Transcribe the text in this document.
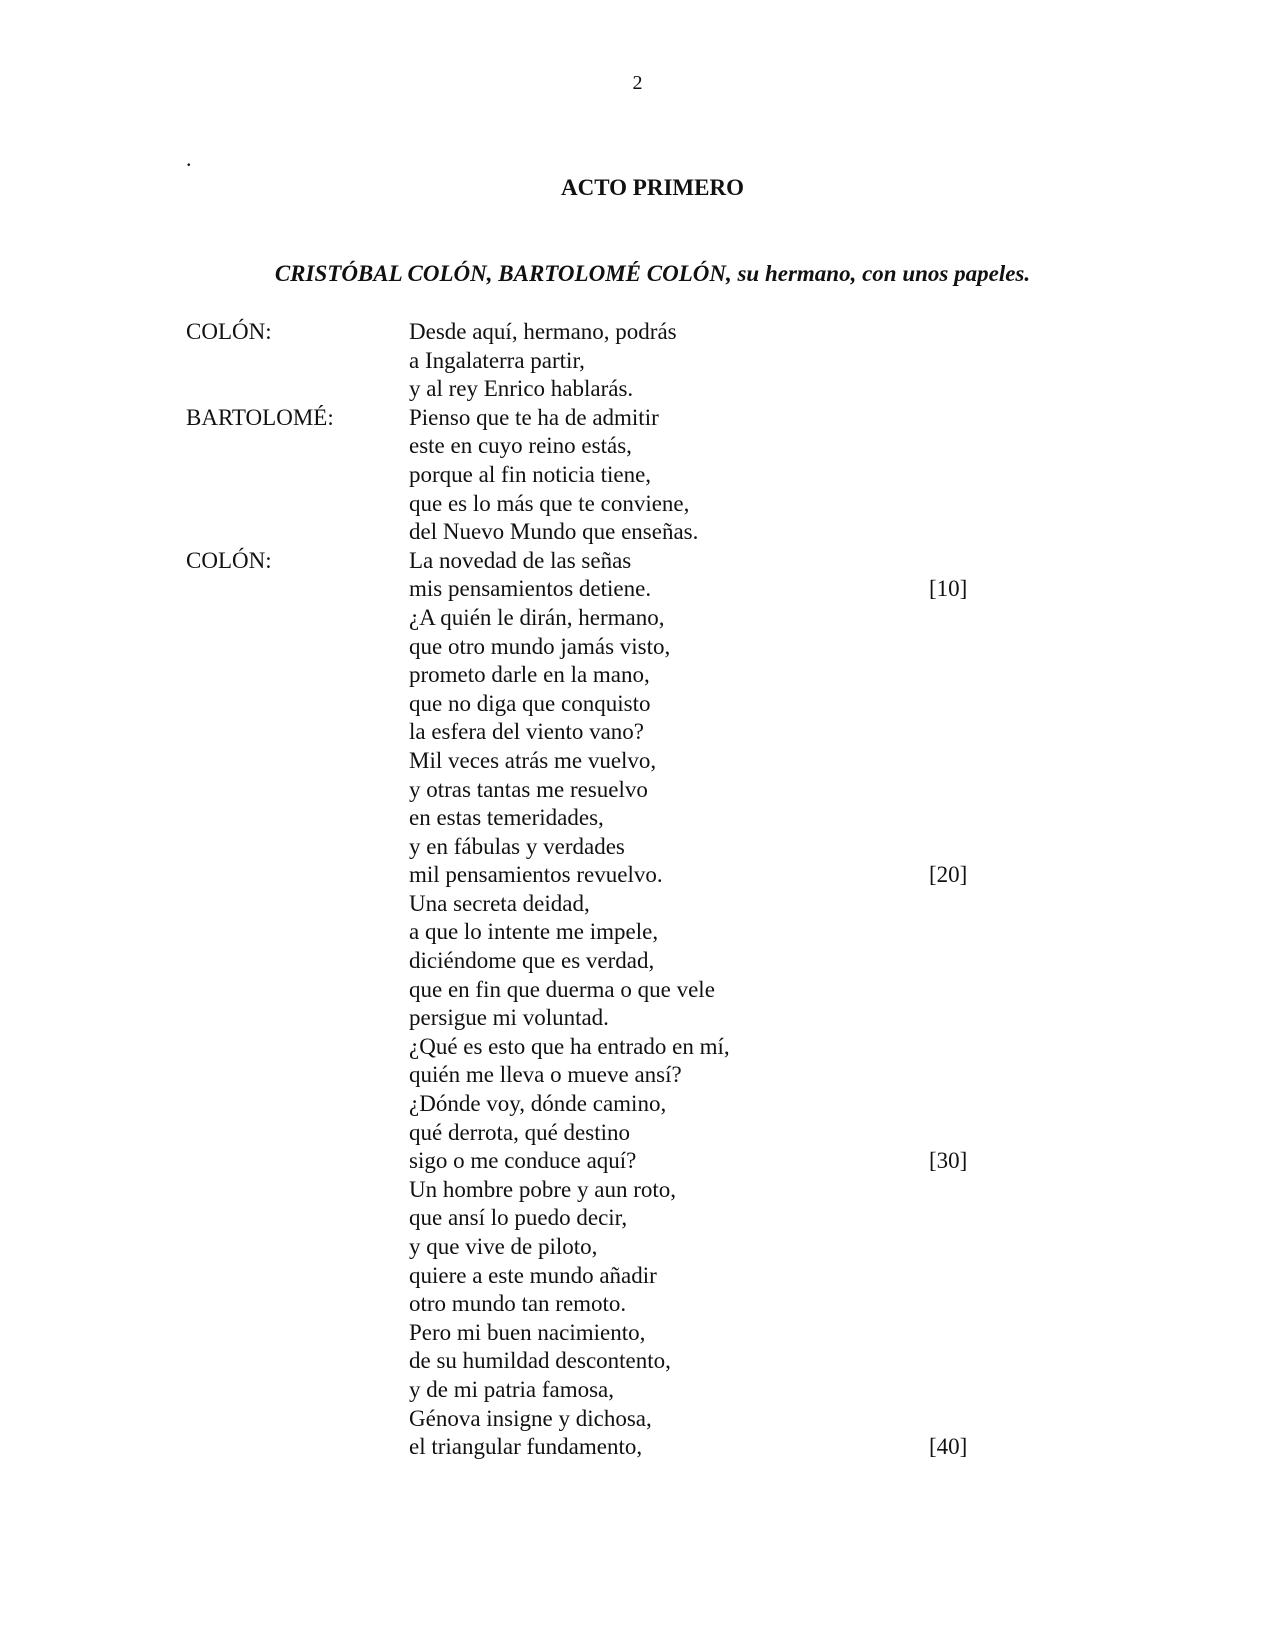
2
.
ACTO PRIMERO
CRISTÓBAL COLÓN, BARTOLOMÉ COLÓN, su hermano, con unos papeles.
COLÓN:	Desde aquí, hermano, podrás
a Ingalaterra partir,
y al rey Enrico hablarás.
BARTOLOMÉ:	Pienso que te ha de admitir
este en cuyo reino estás,
porque al fin noticia tiene,
que es lo más que te conviene,
del Nuevo Mundo que enseñas.
COLÓN:	La novedad de las señas
mis pensamientos detiene.	[10]
¿A quién le dirán, hermano,
que otro mundo jamás visto,
prometo darle en la mano,
que no diga que conquisto
la esfera del viento vano?
Mil veces atrás me vuelvo,
y otras tantas me resuelvo
en estas temeridades,
y en fábulas y verdades
mil pensamientos revuelvo.	[20]
Una secreta deidad,
a que lo intente me impele,
diciéndome que es verdad,
que en fin que duerma o que vele
persigue mi voluntad.
¿Qué es esto que ha entrado en mí,
quién me lleva o mueve ansí?
¿Dónde voy, dónde camino,
qué derrota, qué destino
sigo o me conduce aquí?	[30]
Un hombre pobre y aun roto,
que ansí lo puedo decir,
y que vive de piloto,
quiere a este mundo añadir
otro mundo tan remoto.
Pero mi buen nacimiento,
de su humildad descontento,
y de mi patria famosa,
Génova insigne y dichosa,
el triangular fundamento,	[40]
